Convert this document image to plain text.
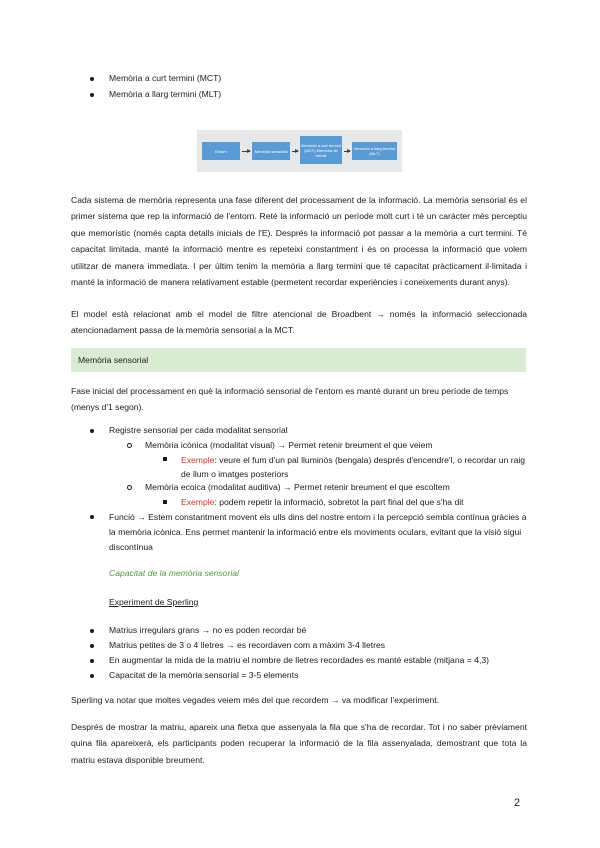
Memòria a curt termini (MCT)
Memòria a llarg termini (MLT)
Entorn	Memòria sensorial
Memòria a curt termini (MCT) Memòria de treball
Memòria a llarg termini (MLT)
Cada sistema de memòria representa una fase diferent del processament de la informació. La memòria sensorial és el primer sistema que rep la informació de l'entorn. Reté la informació un període molt curt i té un caràcter més perceptiu que memorístic (només capta detalls inicials de l'E). Després la informació pot passar a la memòria a curt termini. Té capacitat limitada, manté la informació mentre es repeteixi constantment i és on processa la informació que volem utilitzar de manera immediata. I per últim tenim la memòria a llarg termini que té capacitat pràcticament il·limitada i manté la informació de manera relativament estable (permetent recordar experiències i coneixements durant anys).
El model està relacionat amb el model de filtre atencional de Broadbent → només la informació seleccionada atencionadament passa de la memòria sensorial a la MCT.
Memòria sensorial
Fase inicial del processament en què la informació sensorial de l'entorn es manté durant un breu període de temps (menys d'1 segon).
Registre sensorial per cada modalitat sensorial
Memòria icònica (modalitat visual) → Permet retenir breument el que veiem
Exemple: veure el fum d'un pal lluminós (bengala) després d'encendre'l, o recordar un raig de llum o imatges posteriors
Memòria ecoica (modalitat auditiva) → Permet retenir breument el que escoltem
Exemple: podem repetir la informació, sobretot la part final del que s'ha dit
Funció → Estem constantment movent els ulls dins del nostre entorn i la percepció sembla contínua gràcies a la memòria icònica. Ens permet mantenir la informació entre els moviments oculars, evitant que la visió sigui discontínua
Capacitat de la memòria sensorial
Experiment de Sperling
Matrius irregulars grans → no es poden recordar bé
Matrius petites de 3 o 4 lletres → es recordaven com a màxim 3-4 lletres
En augmentar la mida de la matriu el nombre de lletres recordades es manté estable (mitjana = 4,3)
Capacitat de la memòria sensorial = 3-5 elements
Sperling va notar que moltes vegades veiem més del que recordem → va modificar l'experiment.
Després de mostrar la matriu, apareix una fletxa que assenyala la fila que s'ha de recordar. Tot i no saber prèviament quina fila apareixerà, els participants poden recuperar la informació de la fila assenyalada, demostrant que tota la matriu estava disponible breument.
2
